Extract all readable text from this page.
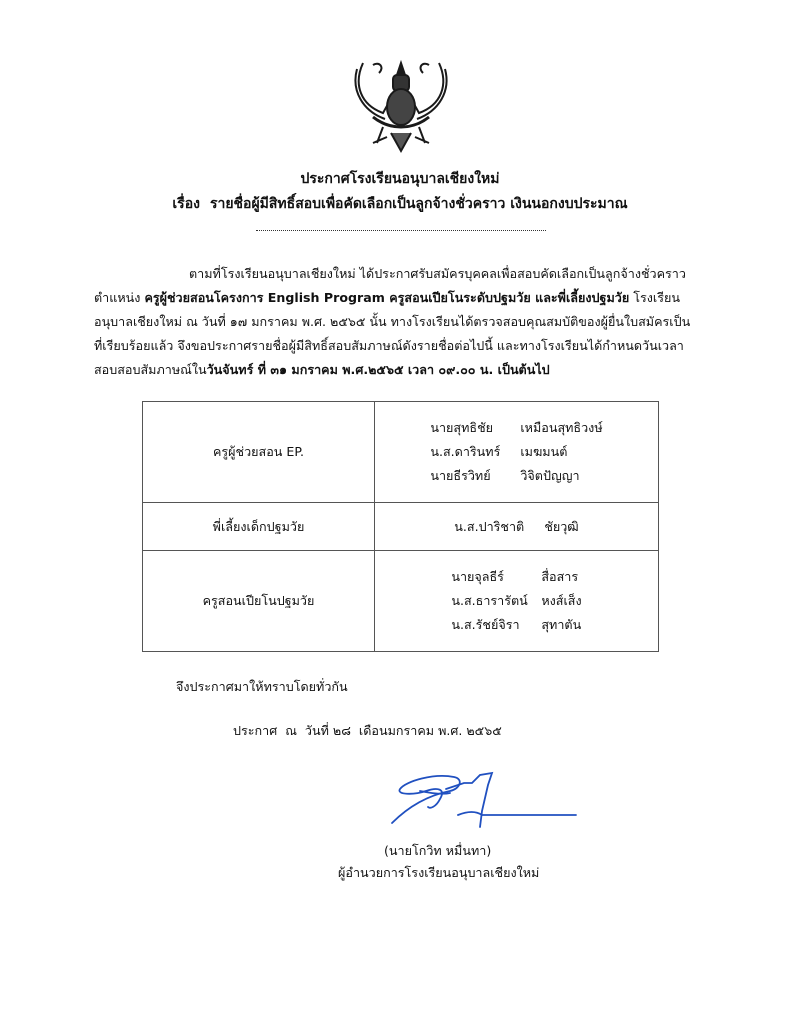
ประกาศโรงเรียนอนุบาลเชียงใหม่
เรื่อง รายชื่อผู้มีสิทธิ์สอบเพื่อคัดเลือกเป็นลูกจ้างชั่วคราว เงินนอกงบประมาณ
ตามที่โรงเรียนอนุบาลเชียงใหม่ ได้ประกาศรับสมัครบุคคลเพื่อสอบคัดเลือกเป็นลูกจ้างชั่วคราว
ตำแหน่ง ครูผู้ช่วยสอนโครงการ English Program ครูสอนเปียโนระดับปฐมวัย และพี่เลี้ยงปฐมวัย โรงเรียน
อนุบาลเชียงใหม่ ณ วันที่ ๑๗ มกราคม พ.ศ. ๒๕๖๕ นั้น ทางโรงเรียนได้ตรวจสอบคุณสมบัติของผู้ยื่นใบสมัครเป็น
ที่เรียบร้อยแล้ว จึงขอประกาศรายชื่อผู้มีสิทธิ์สอบสัมภาษณ์ดังรายชื่อต่อไปนี้ และทางโรงเรียนได้กำหนดวันเวลา
สอบสอบสัมภาษณ์ในวันจันทร์ ที่ ๓๑ มกราคม พ.ศ.๒๕๖๕ เวลา ๐๙.๐๐ น. เป็นต้นไป
ครูผู้ช่วยสอน EP.	นายสุทธิชัย เหมือนสุทธิวงษ์
น.ส.ดารินทร์ เมฆมนต์
นายธีรวิทย์ วิจิตปัญญา

พี่เลี้ยงเด็กปฐมวัย	น.ส.ปาริชาติ ชัยวุฒิ

ครูสอนเปียโนปฐมวัย	นายจุลธีร์ สื่อสาร
น.ส.ธารารัตน์ หงส์เส็ง
น.ส.รัชย์จิรา สุทาตัน
จึงประกาศมาให้ทราบโดยทั่วกัน
ประกาศ ณ วันที่ ๒๘ เดือนมกราคม พ.ศ. ๒๕๖๕
(นายโกวิท หมื่นทา)
ผู้อำนวยการโรงเรียนอนุบาลเชียงใหม่
